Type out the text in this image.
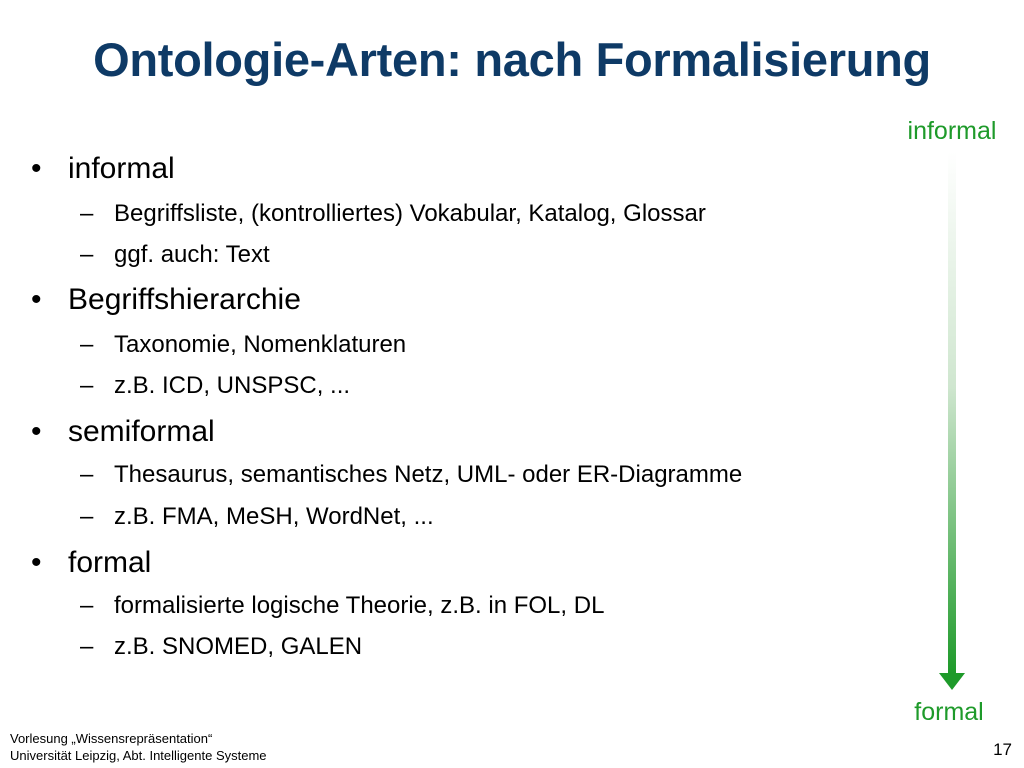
Ontologie-Arten: nach Formalisierung
informal
formal
• informal
– Begriffsliste, (kontrolliertes) Vokabular, Katalog, Glossar
– ggf. auch: Text
• Begriffshierarchie
– Taxonomie, Nomenklaturen
– z.B. ICD, UNSPSC, ...
• semiformal
– Thesaurus, semantisches Netz, UML- oder ER-Diagramme
– z.B. FMA, MeSH, WordNet, ...
• formal
– formalisierte logische Theorie, z.B. in FOL, DL
– z.B. SNOMED, GALEN
Vorlesung „Wissensrepräsentation“
Universität Leipzig, Abt. Intelligente Systeme	17
